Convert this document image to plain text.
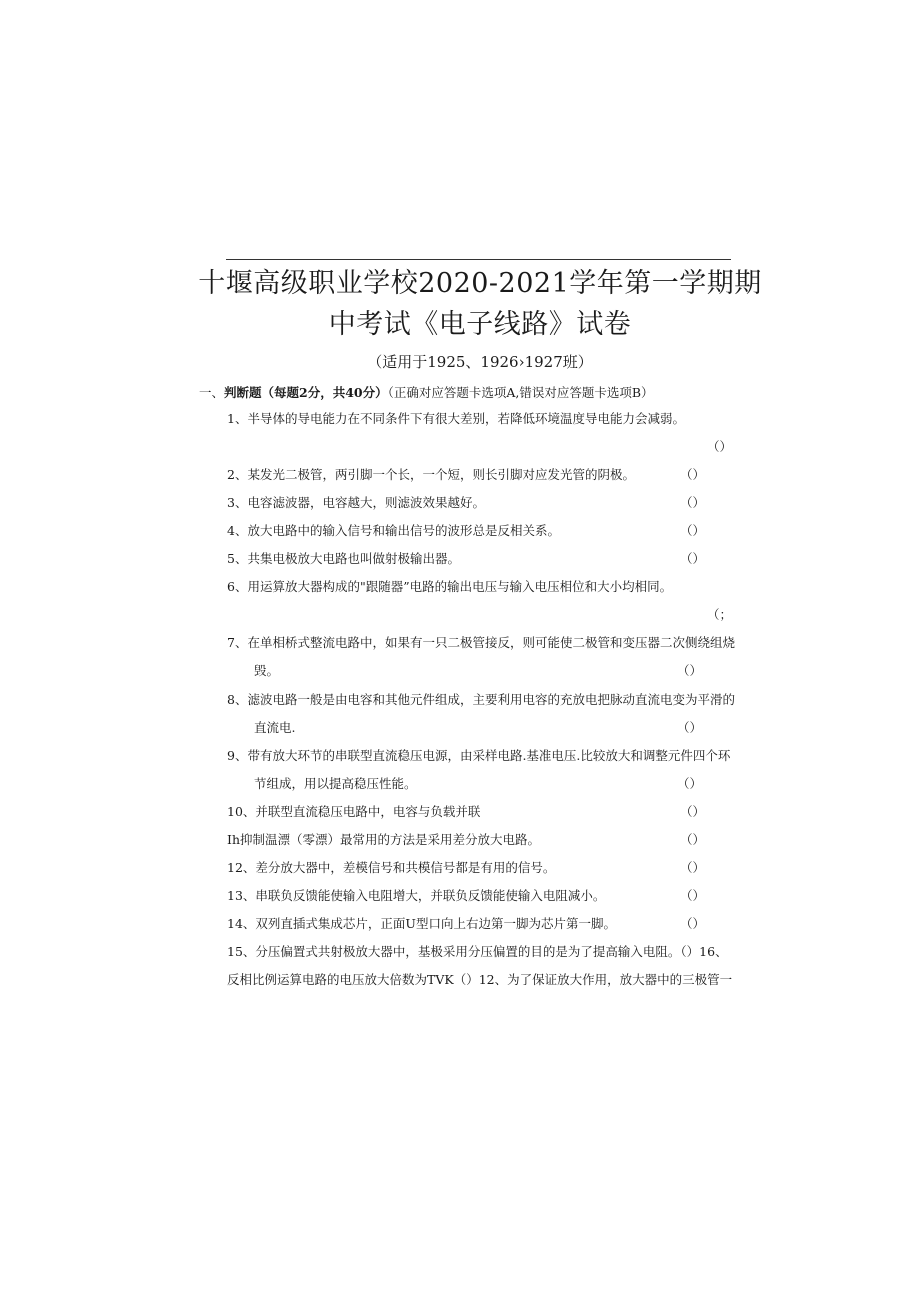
十堰高级职业学校2020-2021学年第一学期期
中考试《电子线路》试卷
（适用于1925、1926›1927班）
一、判断题（每题2分，共40分）（正确对应答题卡选项A,错误对应答题卡选项B）
1、半导体的导电能力在不同条件下有很大差别，若降低环境温度导电能力会减弱。
（）
2、某发光二极管，两引脚一个长，一个短，则长引脚对应发光管的阴极。	（）
3、电容滤波器，电容越大，则滤波效果越好。	（）
4、放大电路中的输入信号和输出信号的波形总是反相关系。	（）
5、共集电极放大电路也叫做射极输出器。	（）
6、用运算放大器构成的"跟随器”电路的输出电压与输入电压相位和大小均相同。
（；
7、在单相桥式整流电路中，如果有一只二极管接反，则可能使二极管和变压器二次侧绕组烧
毁。	（）
8、滤波电路一般是由电容和其他元件组成，主要利用电容的充放电把脉动直流电变为平滑的
直流电.	（）
9、带有放大环节的串联型直流稳压电源，由采样电路.基准电压.比较放大和调整元件四个环
节组成，用以提高稳压性能。	（）
10、并联型直流稳压电路中，电容与负载并联	（）
Ih抑制温漂（零漂）最常用的方法是采用差分放大电路。	（）
12、差分放大器中，差模信号和共模信号都是有用的信号。	（）
13、串联负反馈能使输入电阻增大，并联负反馈能使输入电阻减小。	（）
14、双列直插式集成芯片，正面U型口向上右边第一脚为芯片第一脚。	（）
15、分压偏置式共射极放大器中，基极采用分压偏置的目的是为了提高输入电阻。（）16、
反相比例运算电路的电压放大倍数为TVK（）12、为了保证放大作用，放大器中的三极管一
